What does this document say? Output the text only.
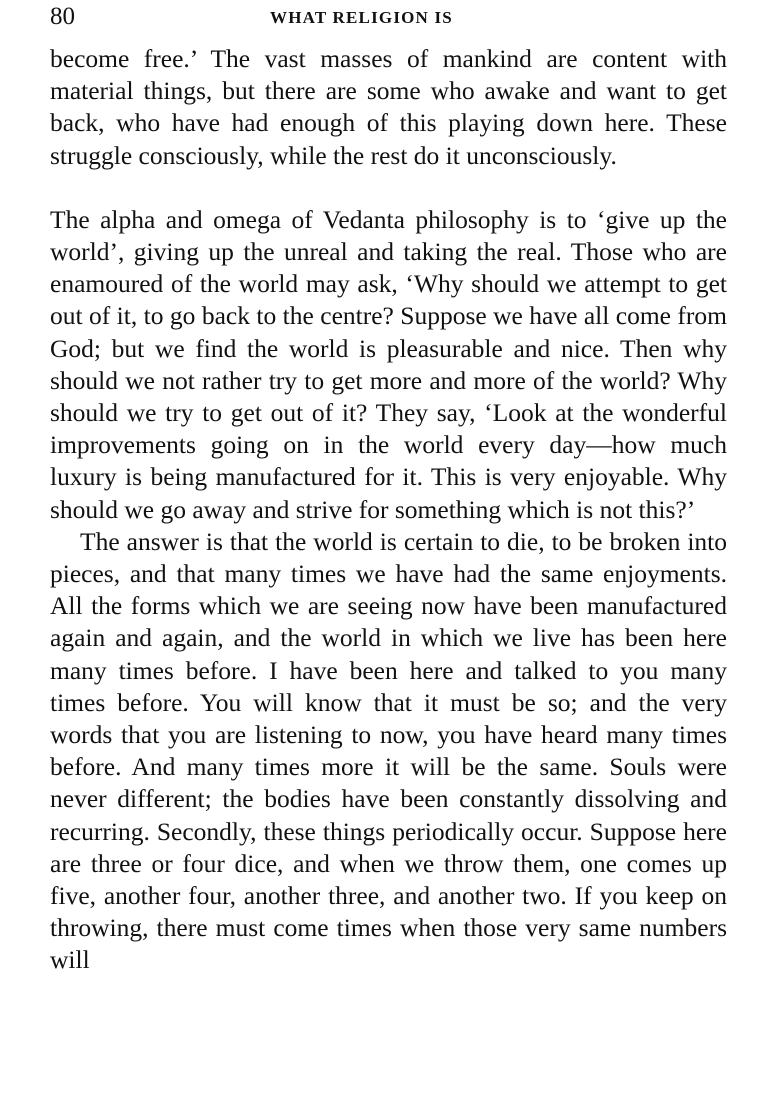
80	WHAT RELIGION IS

become free.’ The vast masses of mankind are content with material things, but there are some who awake and want to get back, who have had enough of this playing down here. These struggle consciously, while the rest do it unconsciously.

The alpha and omega of Vedanta philosophy is to ‘give up the world’, giving up the unreal and taking the real. Those who are enamoured of the world may ask, ‘Why should we attempt to get out of it, to go back to the centre? Suppose we have all come from God; but we find the world is pleasurable and nice. Then why should we not rather try to get more and more of the world? Why should we try to get out of it? They say, ‘Look at the wonderful improvements going on in the world every day—how much luxury is being manufactured for it. This is very enjoyable. Why should we go away and strive for something which is not this?’

The answer is that the world is certain to die, to be broken into pieces, and that many times we have had the same enjoyments. All the forms which we are seeing now have been manufactured again and again, and the world in which we live has been here many times before. I have been here and talked to you many times before. You will know that it must be so; and the very words that you are listening to now, you have heard many times before. And many times more it will be the same. Souls were never different; the bodies have been constantly dissolving and recurring. Secondly, these things periodically occur. Suppose here are three or four dice, and when we throw them, one comes up five, another four, another three, and another two. If you keep on throwing, there must come times when those very same numbers will
